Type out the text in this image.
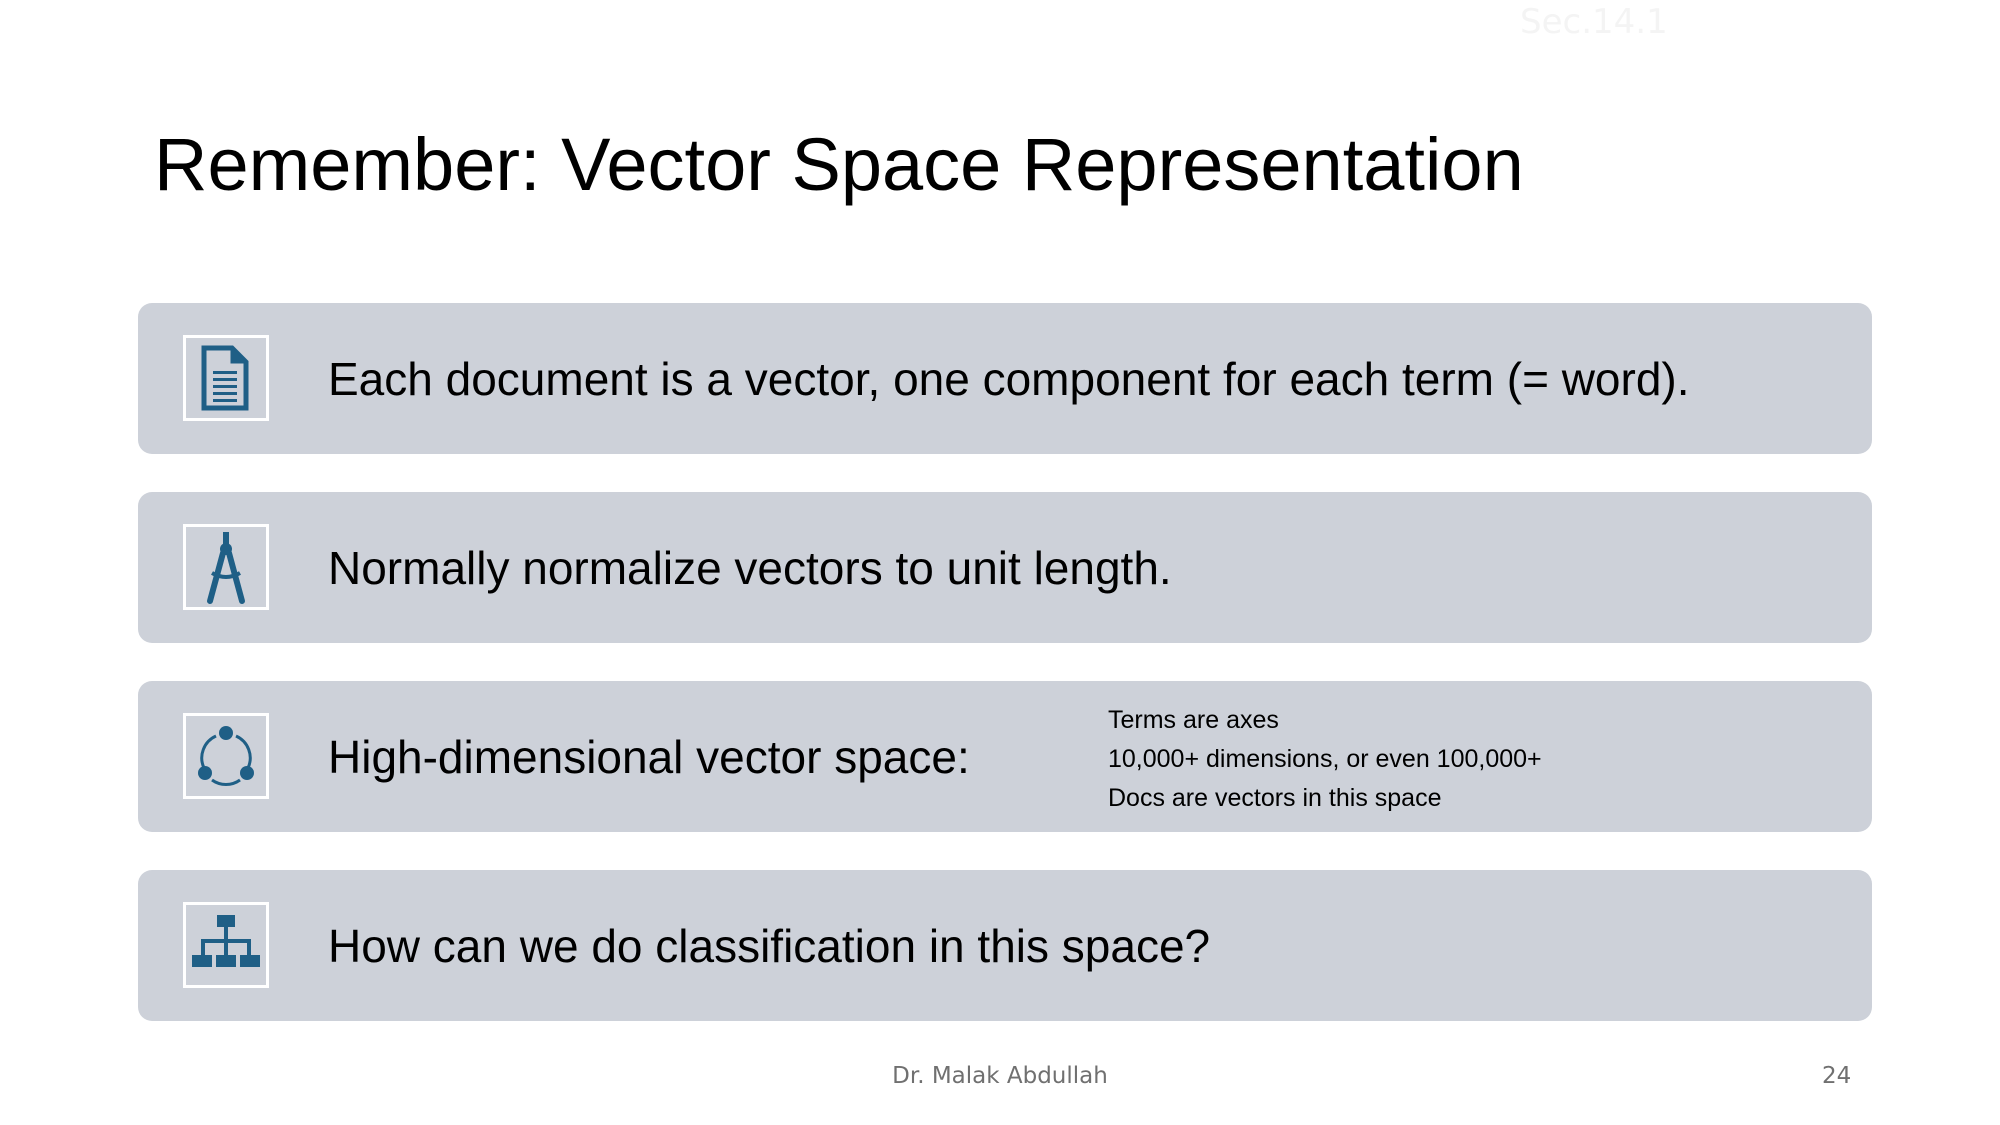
Sec.14.1
Remember: Vector Space Representation
Each document is a vector, one component for each term (= word).
Normally normalize vectors to unit length.
High-dimensional vector space:
Terms are axes
10,000+ dimensions, or even 100,000+
Docs are vectors in this space
How can we do classification in this space?
Dr. Malak Abdullah	24
